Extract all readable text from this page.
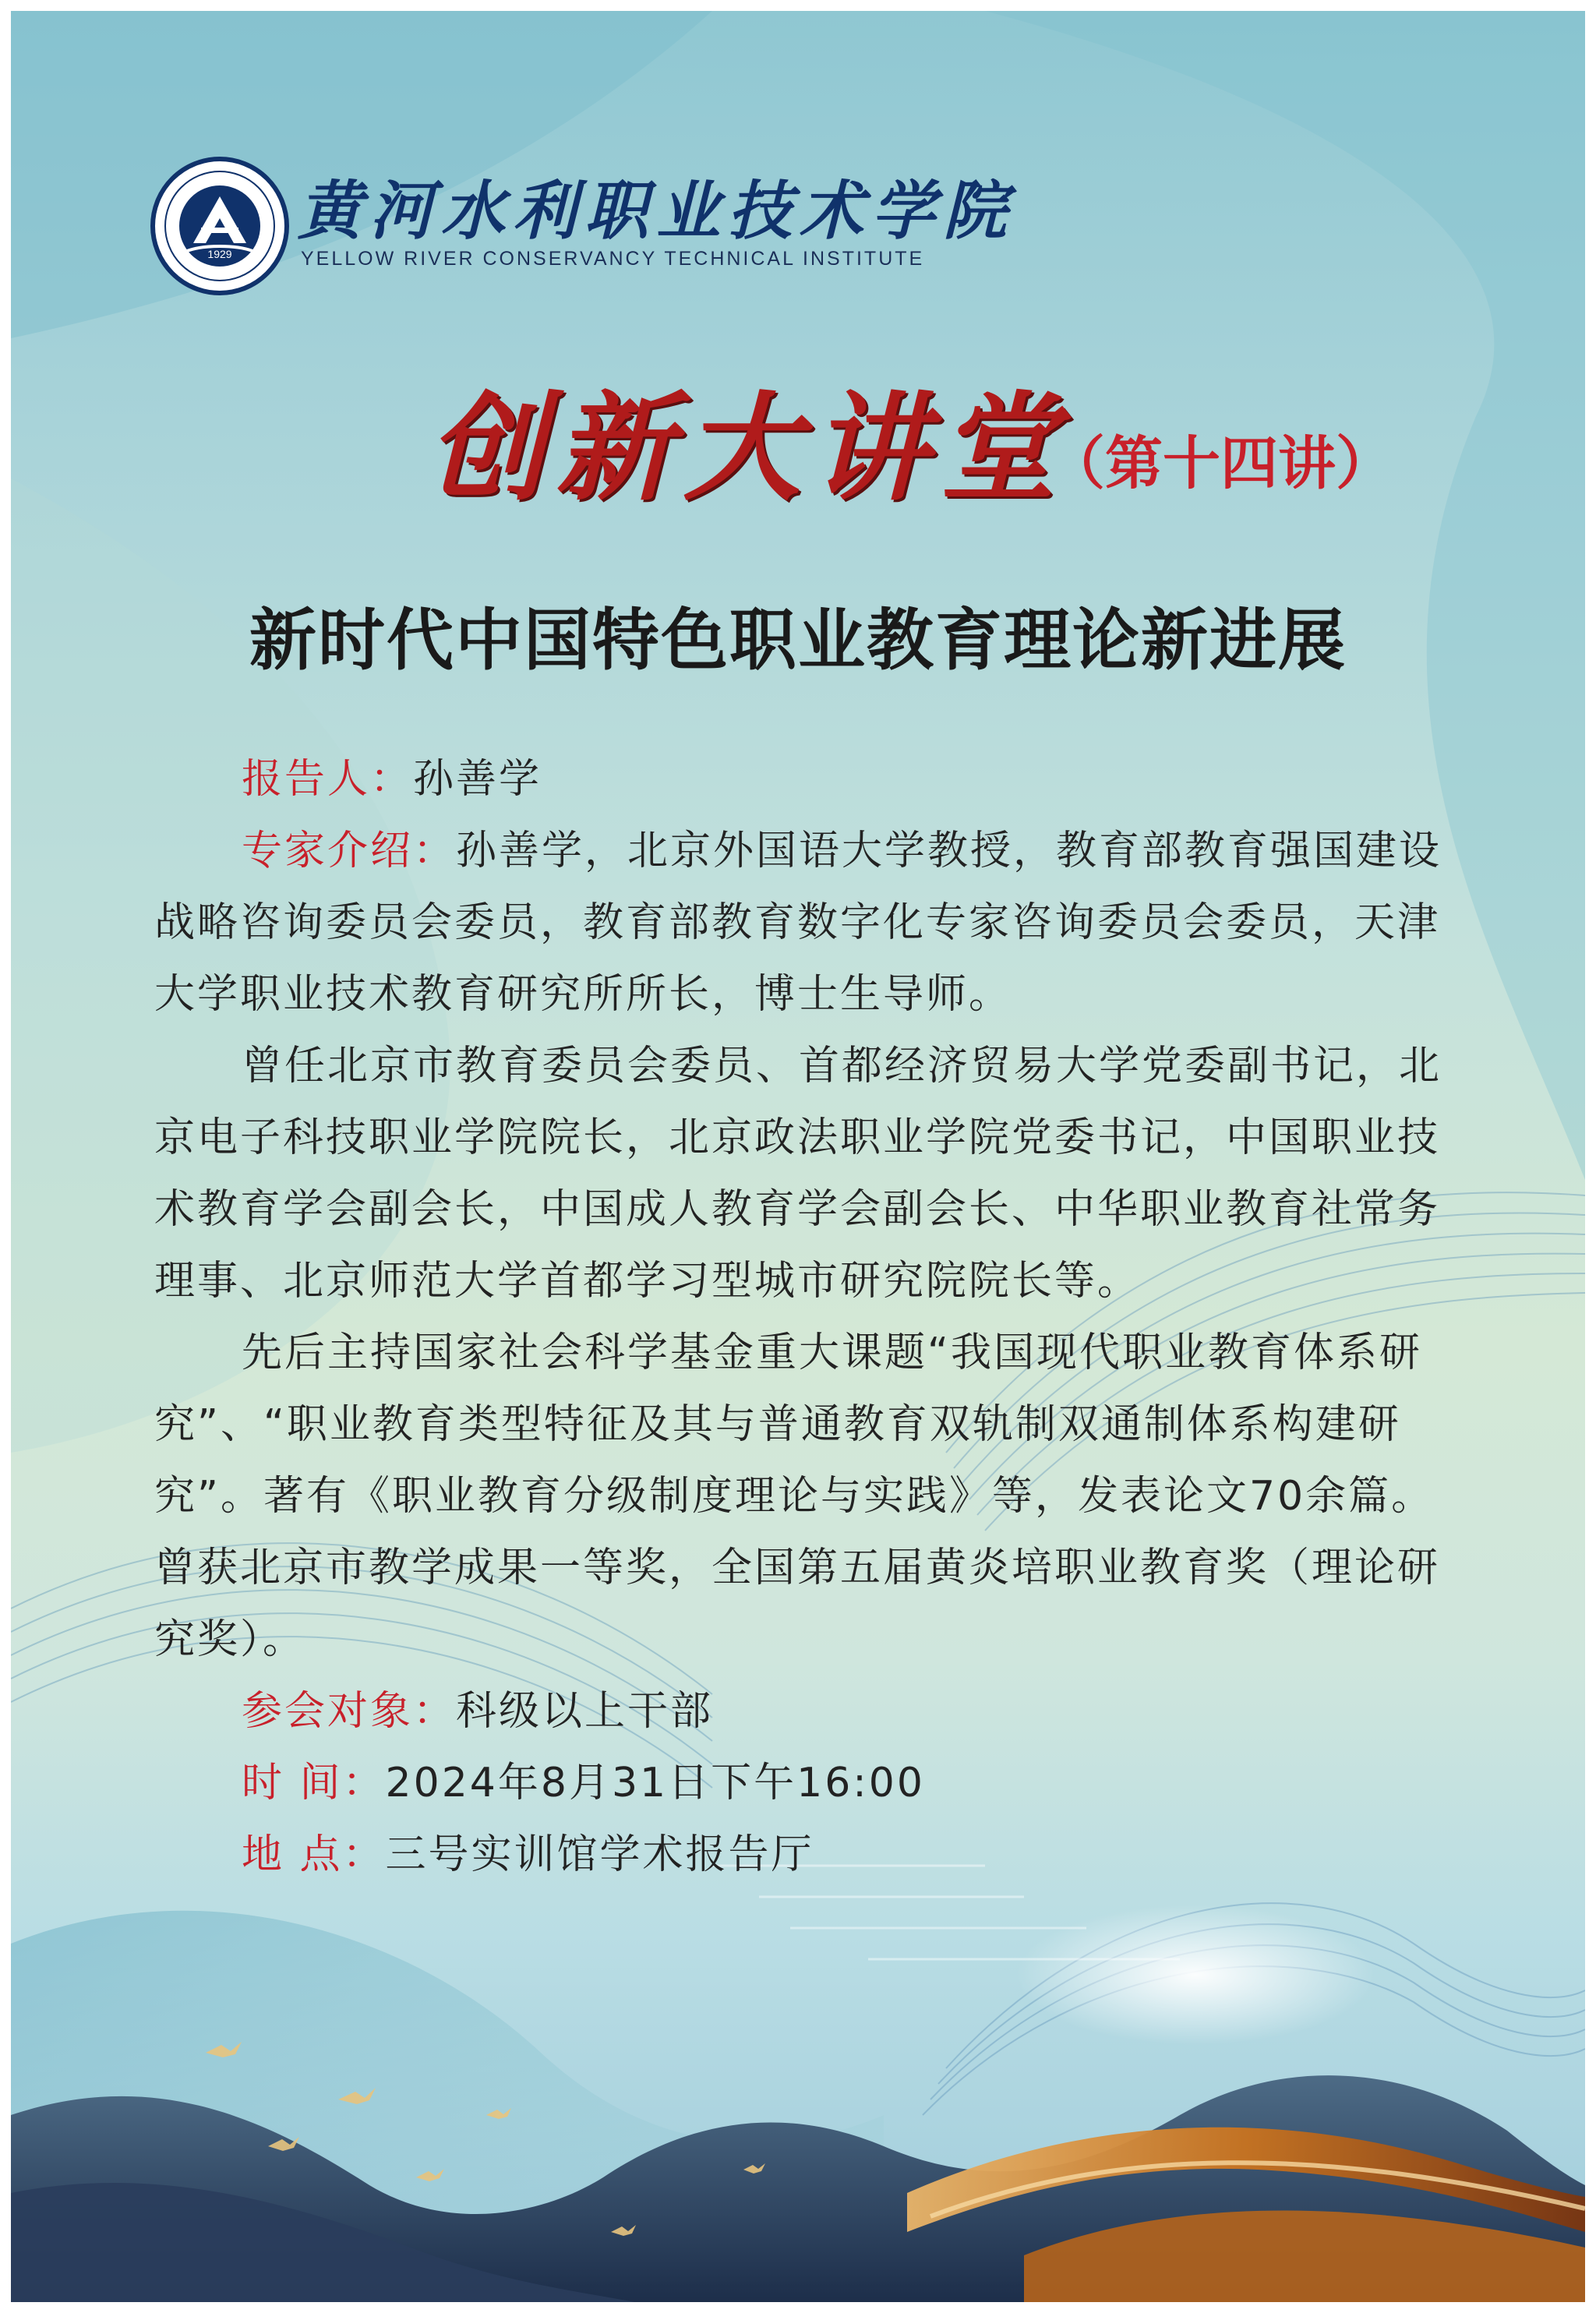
1929
黄河水利职业技术学院
YELLOW RIVER CONSERVANCY TECHNICAL INSTITUTE
创新大讲堂
（第十四讲）
新时代中国特色职业教育理论新进展

报告人：孙善学

专家介绍：孙善学，北京外国语大学教授，教育部教育强国建设战略咨询委员会委员，教育部教育数字化专家咨询委员会委员，天津大学职业技术教育研究所所长，博士生导师。

曾任北京市教育委员会委员、首都经济贸易大学党委副书记，北京电子科技职业学院院长，北京政法职业学院党委书记，中国职业技术教育学会副会长，中国成人教育学会副会长、中华职业教育社常务理事、北京师范大学首都学习型城市研究院院长等。

先后主持国家社会科学基金重大课题“我国现代职业教育体系研究”、“职业教育类型特征及其与普通教育双轨制双通制体系构建研究”。著有《职业教育分级制度理论与实践》等，发表论文70余篇。曾获北京市教学成果一等奖，全国第五届黄炎培职业教育奖（理论研究奖）。

参会对象：科级以上干部

时 间：2024年8月31日下午16:00

地 点：三号实训馆学术报告厅
